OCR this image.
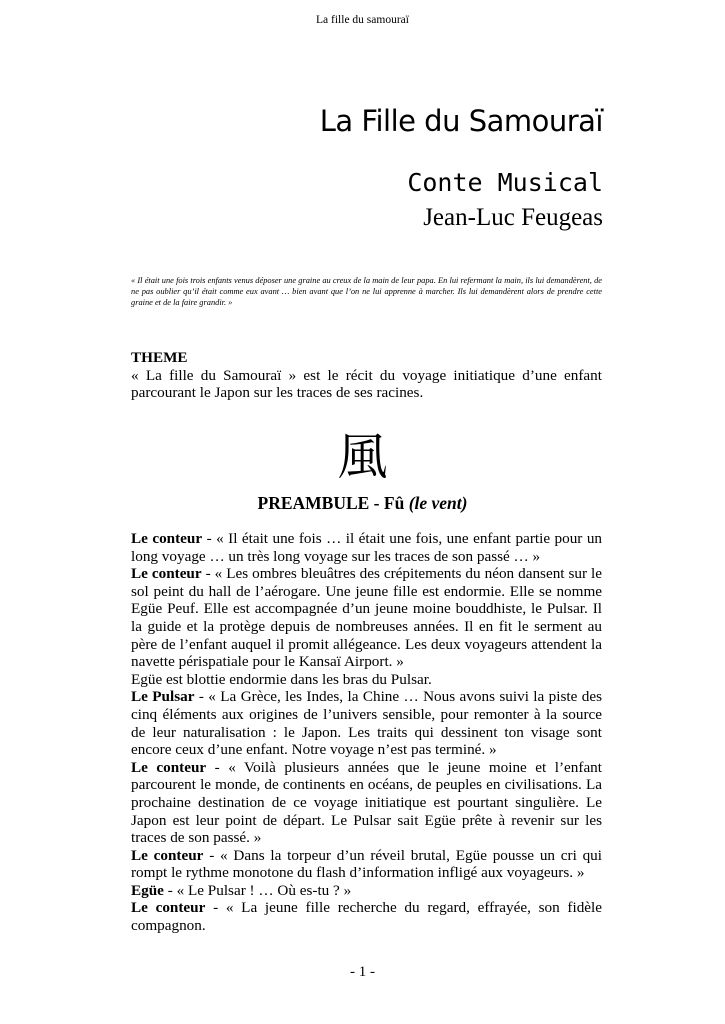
La fille du samouraï
La Fille du Samouraï
Conte Musical
Jean-Luc Feugeas
« Il était une fois trois enfants venus déposer une graine au creux de la main de leur papa. En lui refermant la main, ils lui demandèrent, de ne pas oublier qu’il était comme eux avant … bien avant que l’on ne lui apprenne à marcher. Ils lui demandèrent alors de prendre cette graine et de la faire grandir. »
THEME
« La fille du Samouraï » est le récit du voyage initiatique d’une enfant parcourant le Japon sur les traces de ses racines.
風
PREAMBULE - Fû (le vent)

Le conteur - « Il était une fois … il était une fois, une enfant partie pour un long voyage … un très long voyage sur les traces de son passé … »

Le conteur - « Les ombres bleuâtres des crépitements du néon dansent sur le sol peint du hall de l’aérogare. Une jeune fille est endormie. Elle se nomme Egüe Peuf. Elle est accompagnée d’un jeune moine bouddhiste, le Pulsar. Il la guide et la protège depuis de nombreuses années. Il en fit le serment au père de l’enfant auquel il promit allégeance. Les deux voyageurs attendent la navette périspatiale pour le Kansaï Airport. »

Egüe est blottie endormie dans les bras du Pulsar.

Le Pulsar - « La Grèce, les Indes, la Chine … Nous avons suivi la piste des cinq éléments aux origines de l’univers sensible, pour remonter à la source de leur naturalisation : le Japon. Les traits qui dessinent ton visage sont encore ceux d’une enfant. Notre voyage n’est pas terminé. »

Le conteur - « Voilà plusieurs années que le jeune moine et l’enfant parcourent le monde, de continents en océans, de peuples en civilisations. La prochaine destination de ce voyage initiatique est pourtant singulière. Le Japon est leur point de départ. Le Pulsar sait Egüe prête à revenir sur les traces de son passé. »

Le conteur - « Dans la torpeur d’un réveil brutal, Egüe pousse un cri qui rompt le rythme monotone du flash d’information infligé aux voyageurs. »

Egüe - « Le Pulsar ! … Où es-tu ? »

Le conteur - « La jeune fille recherche du regard, effrayée, son fidèle compagnon.

- 1 -
